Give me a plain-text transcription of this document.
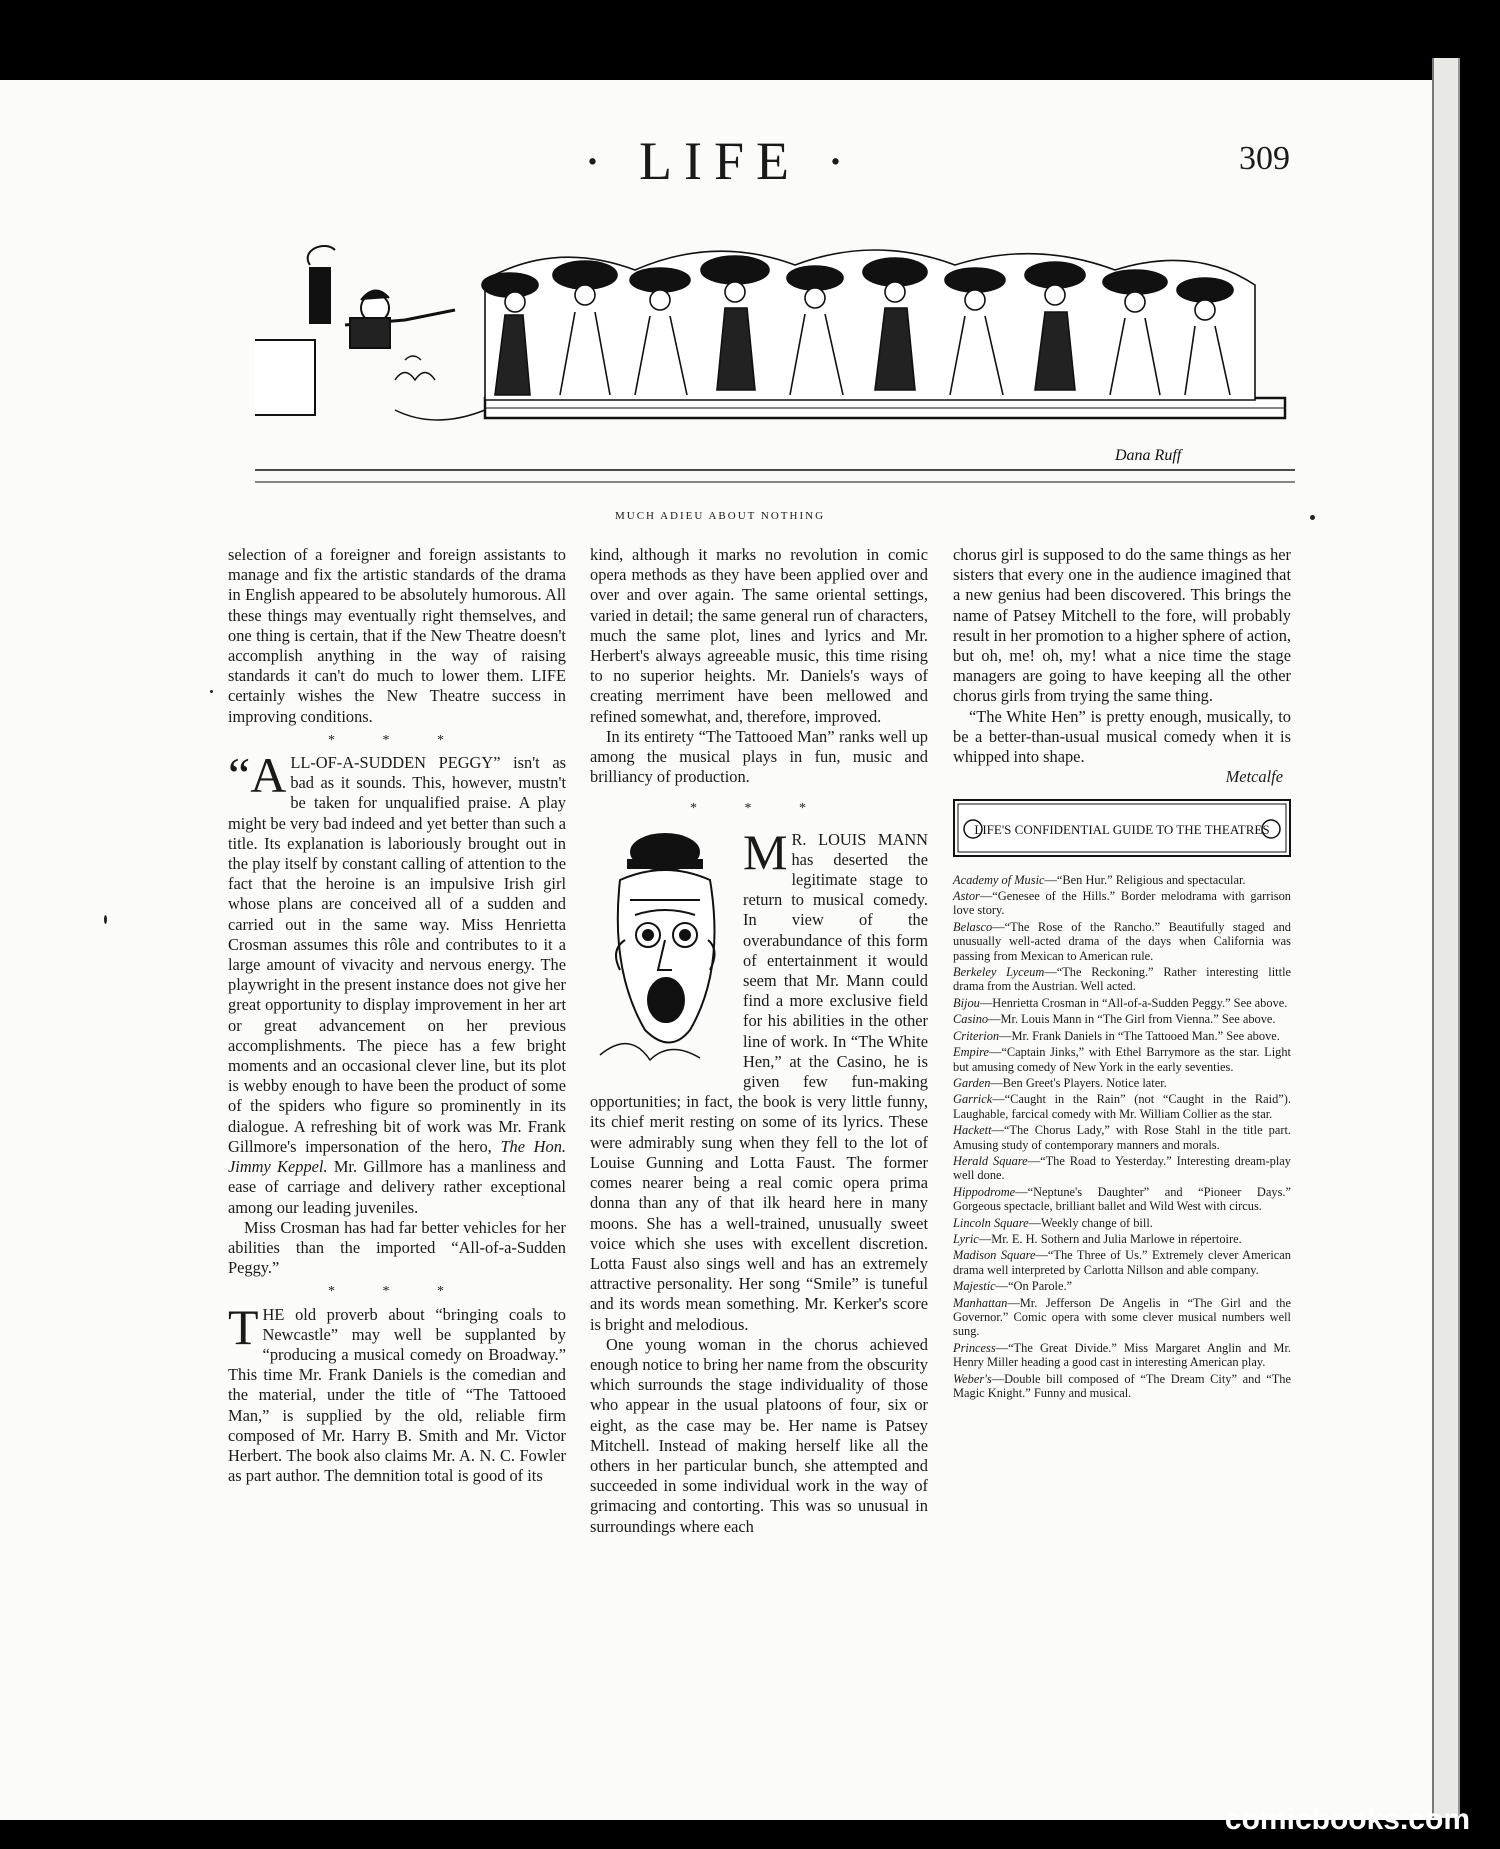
· LIFE ·	309
Dana Ruff
MUCH ADIEU ABOUT NOTHING

selection of a foreigner and foreign assistants to manage and fix the artistic standards of the drama in English appeared to be absolutely humorous. All these things may eventually right themselves, and one thing is certain, that if the New Theatre doesn't accomplish anything in the way of raising standards it can't do much to lower them. LIFE certainly wishes the New Theatre success in improving conditions.

* * *

“ALL-OF-A-SUDDEN PEGGY” isn't as bad as it sounds. This, however, mustn't be taken for unqualified praise. A play might be very bad indeed and yet better than such a title. Its explanation is laboriously brought out in the play itself by constant calling of attention to the fact that the heroine is an impulsive Irish girl whose plans are conceived all of a sudden and carried out in the same way. Miss Henrietta Crosman assumes this rôle and contributes to it a large amount of vivacity and nervous energy. The playwright in the present instance does not give her great opportunity to display improvement in her art or great advancement on her previous accomplishments. The piece has a few bright moments and an occasional clever line, but its plot is webby enough to have been the product of some of the spiders who figure so prominently in its dialogue. A refreshing bit of work was Mr. Frank Gillmore's impersonation of the hero, The Hon. Jimmy Keppel. Mr. Gillmore has a manliness and ease of carriage and delivery rather exceptional among our leading juveniles.

Miss Crosman has had far better vehicles for her abilities than the imported “All-of-a-Sudden Peggy.”

* * *

THE old proverb about “bringing coals to Newcastle” may well be supplanted by “producing a musical comedy on Broadway.” This time Mr. Frank Daniels is the comedian and the material, under the title of “The Tattooed Man,” is supplied by the old, reliable firm composed of Mr. Harry B. Smith and Mr. Victor Herbert. The book also claims Mr. A. N. C. Fowler as part author. The demnition total is good of its

kind, although it marks no revolution in comic opera methods as they have been applied over and over and over again. The same oriental settings, varied in detail; the same general run of characters, much the same plot, lines and lyrics and Mr. Herbert's always agreeable music, this time rising to no superior heights. Mr. Daniels's ways of creating merriment have been mellowed and refined somewhat, and, therefore, improved.

In its entirety “The Tattooed Man” ranks well up among the musical plays in fun, music and brilliancy of production.

* * *

M R. LOUIS MANN has deserted the legitimate stage to return to musical comedy. In view of the overabundance of this form of entertainment it would seem that Mr. Mann could find a more exclusive field for his abilities in the other line of work. In “The White Hen,” at the Casino, he is given few fun-making opportunities; in fact, the book is very little funny, its chief merit resting on some of its lyrics. These were admirably sung when they fell to the lot of Louise Gunning and Lotta Faust. The former comes nearer being a real comic opera prima donna than any of that ilk heard here in many moons. She has a well-trained, unusually sweet voice which she uses with excellent discretion. Lotta Faust also sings well and has an extremely attractive personality. Her song “Smile” is tuneful and its words mean something. Mr. Kerker's score is bright and melodious.

One young woman in the chorus achieved enough notice to bring her name from the obscurity which surrounds the stage individuality of those who appear in the usual platoons of four, six or eight, as the case may be. Her name is Patsey Mitchell. Instead of making herself like all the others in her particular bunch, she attempted and succeeded in some individual work in the way of grimacing and contorting. This was so unusual in surroundings where each

chorus girl is supposed to do the same things as her sisters that every one in the audience imagined that a new genius had been discovered. This brings the name of Patsey Mitchell to the fore, will probably result in her promotion to a higher sphere of action, but oh, me! oh, my! what a nice time the stage managers are going to have keeping all the other chorus girls from trying the same thing.

“The White Hen” is pretty enough, musically, to be a better-than-usual musical comedy when it is whipped into shape.

Metcalfe
LIFE'S CONFIDENTIAL GUIDE TO THE THEATRES

Academy of Music—“Ben Hur.” Religious and spectacular.

Astor—“Genesee of the Hills.” Border melodrama with garrison love story.

Belasco—“The Rose of the Rancho.” Beautifully staged and unusually well-acted drama of the days when California was passing from Mexican to American rule.

Berkeley Lyceum—“The Reckoning.” Rather interesting little drama from the Austrian. Well acted.

Bijou—Henrietta Crosman in “All-of-a-Sudden Peggy.” See above.

Casino—Mr. Louis Mann in “The Girl from Vienna.” See above.

Criterion—Mr. Frank Daniels in “The Tattooed Man.” See above.

Empire—“Captain Jinks,” with Ethel Barrymore as the star. Light but amusing comedy of New York in the early seventies.

Garden—Ben Greet's Players. Notice later.

Garrick—“Caught in the Rain” (not “Caught in the Raid”). Laughable, farcical comedy with Mr. William Collier as the star.

Hackett—“The Chorus Lady,” with Rose Stahl in the title part. Amusing study of contemporary manners and morals.

Herald Square—“The Road to Yesterday.” Interesting dream-play well done.

Hippodrome—“Neptune's Daughter” and “Pioneer Days.” Gorgeous spectacle, brilliant ballet and Wild West with circus.

Lincoln Square—Weekly change of bill.

Lyric—Mr. E. H. Sothern and Julia Marlowe in répertoire.

Madison Square—“The Three of Us.” Extremely clever American drama well interpreted by Carlotta Nillson and able company.

Majestic—“On Parole.”

Manhattan—Mr. Jefferson De Angelis in “The Girl and the Governor.” Comic opera with some clever musical numbers well sung.

Princess—“The Great Divide.” Miss Margaret Anglin and Mr. Henry Miller heading a good cast in interesting American play.

Weber's—Double bill composed of “The Dream City” and “The Magic Knight.” Funny and musical.

comicbooks.com
